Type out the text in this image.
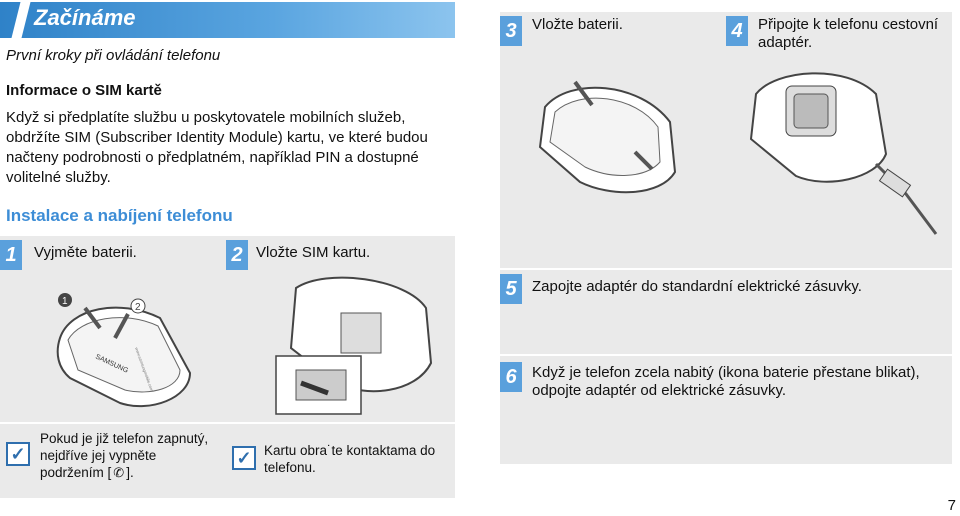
Začínáme
První kroky při ovládání telefonu
Informace o SIM kartě
Když si předplatíte službu u poskytovatele mobilních služeb, obdržíte SIM (Subscriber Identity Module) kartu, ve které budou načteny podrobnosti o předplatném, například PIN a dostupné volitelné služby.
Instalace a nabíjení telefonu
1	Vyjměte baterii.
SAMSUNG www.samsungmobile.com
1
2
2 Vložte SIM kartu.
✓
Pokud je již telefon zapnutý, nejdříve jej vypněte podržením [ ✆ ].
✓ Kartu obra˙te kontaktama do telefonu.
3	Vložte baterii.	4	Připojte k telefonu cestovní adaptér.
5	Zapojte adaptér do standardní elektrické zásuvky.
6	Když je telefon zcela nabitý (ikona baterie přestane blikat), odpojte adaptér od elektrické zásuvky.
7
